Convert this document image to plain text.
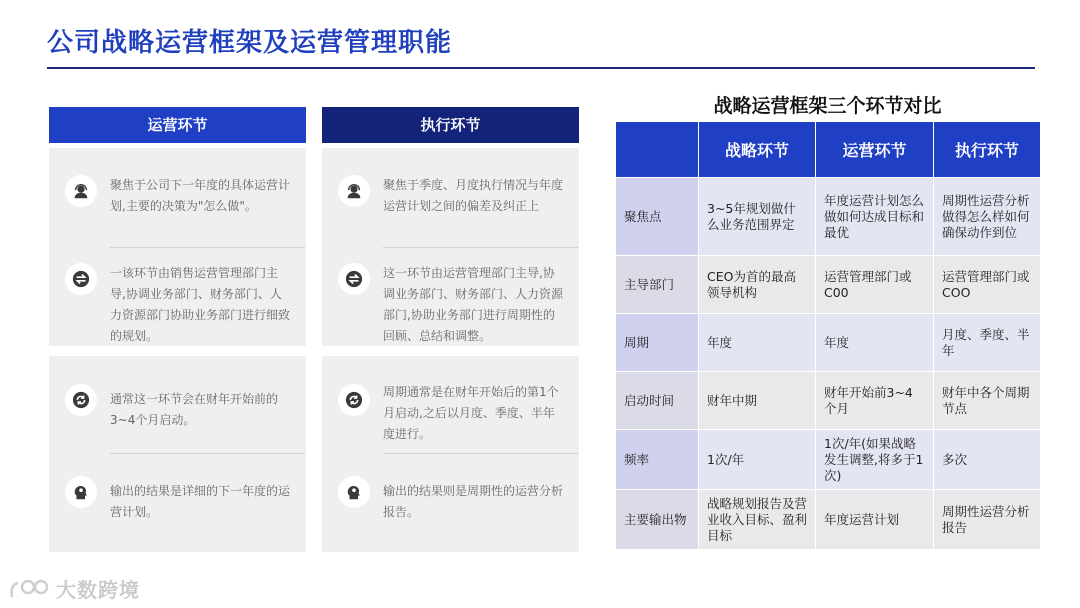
公司战略运营框架及运营管理职能
运营环节
聚焦于公司下一年度的具体运营计划,主要的决策为"怎么做"。
一该环节由销售运营管理部门主导,协调业务部门、财务部门、人力资源部门协助业务部门进行细致的规划。
通常这一环节会在财年开始前的3~4个月启动。
输出的结果是详细的下一年度的运营计划。
执行环节
聚焦于季度、月度执行情况与年度运营计划之间的偏差及纠正上
这一环节由运营管理部门主导,协调业务部门、财务部门、人力资源部门,协助业务部门进行周期性的回顾、总结和调整。
周期通常是在财年开始后的第1个月启动,之后以月度、季度、半年度进行。
输出的结果则是周期性的运营分析报告。
战略运营框架三个环节对比
	战略环节	运营环节	执行环节
聚焦点	3~5年规划做什么业务范围界定	年度运营计划怎么做如何达成目标和最优	周期性运营分析做得怎么样如何确保动作到位
主导部门	CEO为首的最高领导机构	运营管理部门或C00	运营管理部门或COO
周期	年度	年度	月度、季度、半年
启动时间	财年中期	财年开始前3~4个月	财年中各个周期节点
频率	1次/年	1次/年(如果战略发生调整,将多于1次)	多次
主要输出物	战略规划报告及营业收入目标、盈利目标	年度运营计划	周期性运营分析报告
大数跨境
